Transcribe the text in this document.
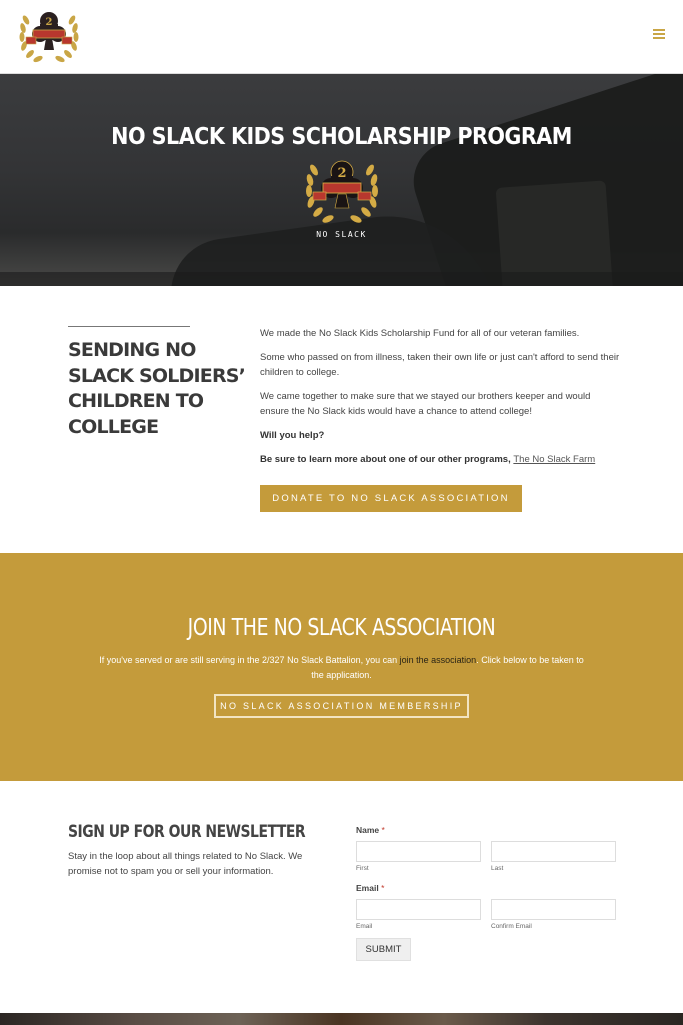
2
NO SLACK KIDS SCHOLARSHIP PROGRAM
2
NO SLACK
SENDING NO SLACK SOLDIERS’ CHILDREN TO COLLEGE

We made the No Slack Kids Scholarship Fund for all of our veteran families.

Some who passed on from illness, taken their own life or just can't afford to send their children to college.

We came together to make sure that we stayed our brothers keeper and would ensure the No Slack kids would have a chance to attend college!

Will you help?

Be sure to learn more about one of our other programs, The No Slack Farm

DONATE TO NO SLACK ASSOCIATION
JOIN THE NO SLACK ASSOCIATION

If you've served or are still serving in the 2/327 No Slack Battalion, you can join the association. Click below to be taken to the application.

NO SLACK ASSOCIATION MEMBERSHIP
SIGN UP FOR OUR NEWSLETTER

Stay in the loop about all things related to No Slack. We promise not to spam you or sell your information.

Name *
First	Last
Email *
Email	Confirm Email
SUBMIT
